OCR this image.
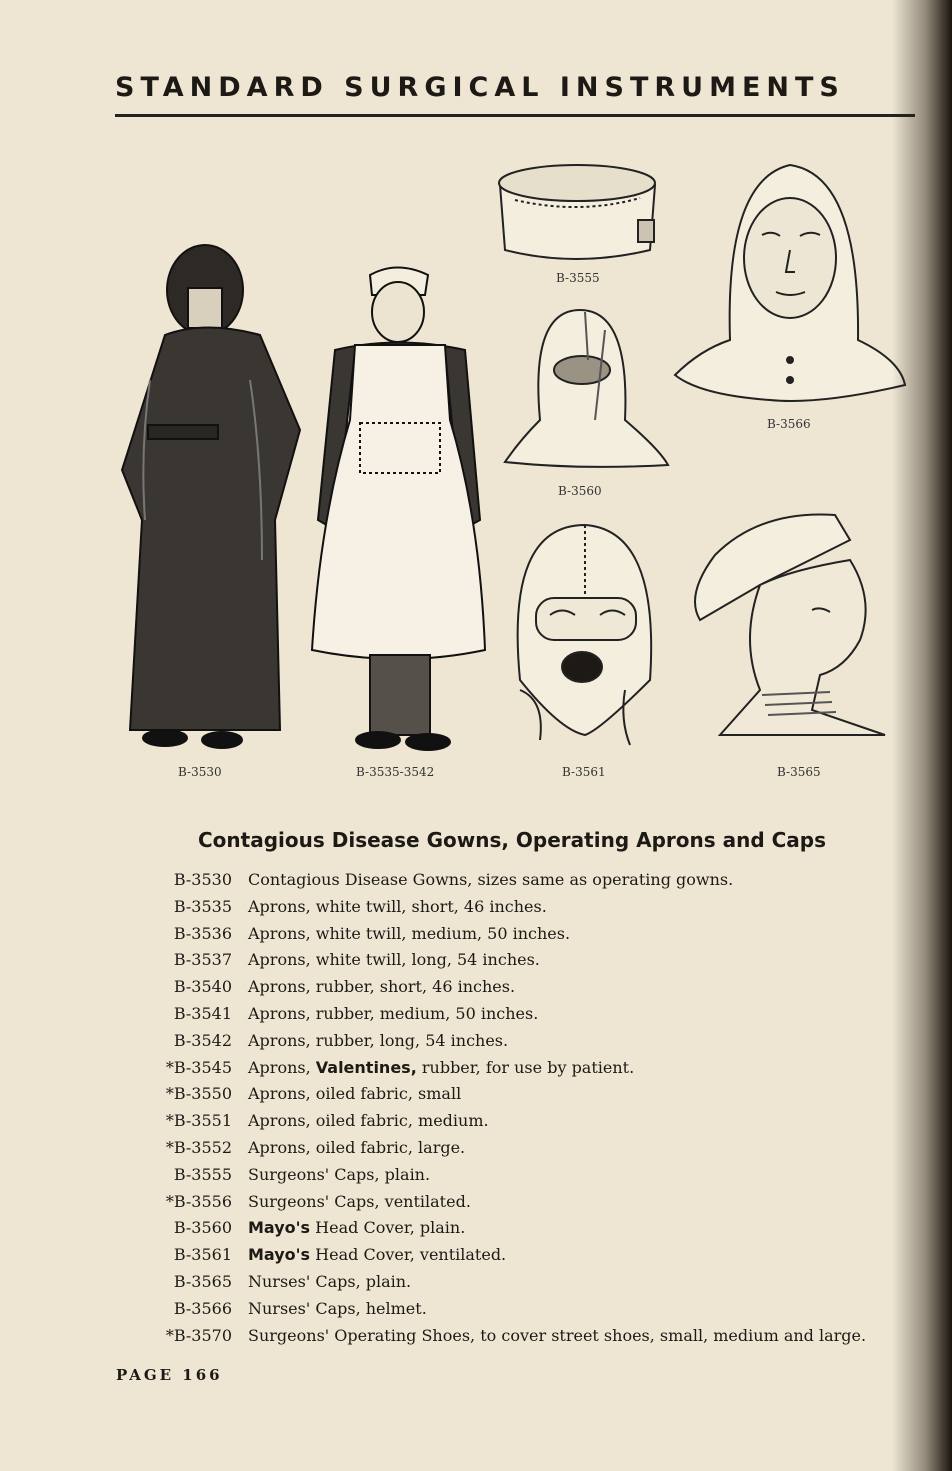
STANDARD SURGICAL INSTRUMENTS
B-3555
B-3566
B-3560
B-3530	B-3535-3542	B-3561	B-3565
Contagious Disease Gowns, Operating Aprons and Caps
B-3530	Contagious Disease Gowns, sizes same as operating gowns.
B-3535	Aprons, white twill, short, 46 inches.
B-3536	Aprons, white twill, medium, 50 inches.
B-3537	Aprons, white twill, long, 54 inches.
B-3540	Aprons, rubber, short, 46 inches.
B-3541	Aprons, rubber, medium, 50 inches.
B-3542	Aprons, rubber, long, 54 inches.
*B-3545	Aprons, Valentines, rubber, for use by patient.
*B-3550	Aprons, oiled fabric, small
*B-3551	Aprons, oiled fabric, medium.
*B-3552	Aprons, oiled fabric, large.
B-3555	Surgeons' Caps, plain.
*B-3556	Surgeons' Caps, ventilated.
B-3560	Mayo's Head Cover, plain.
B-3561	Mayo's Head Cover, ventilated.
B-3565	Nurses' Caps, plain.
B-3566	Nurses' Caps, helmet.
*B-3570	Surgeons' Operating Shoes, to cover street shoes, small, medium and large.
PAGE 166
